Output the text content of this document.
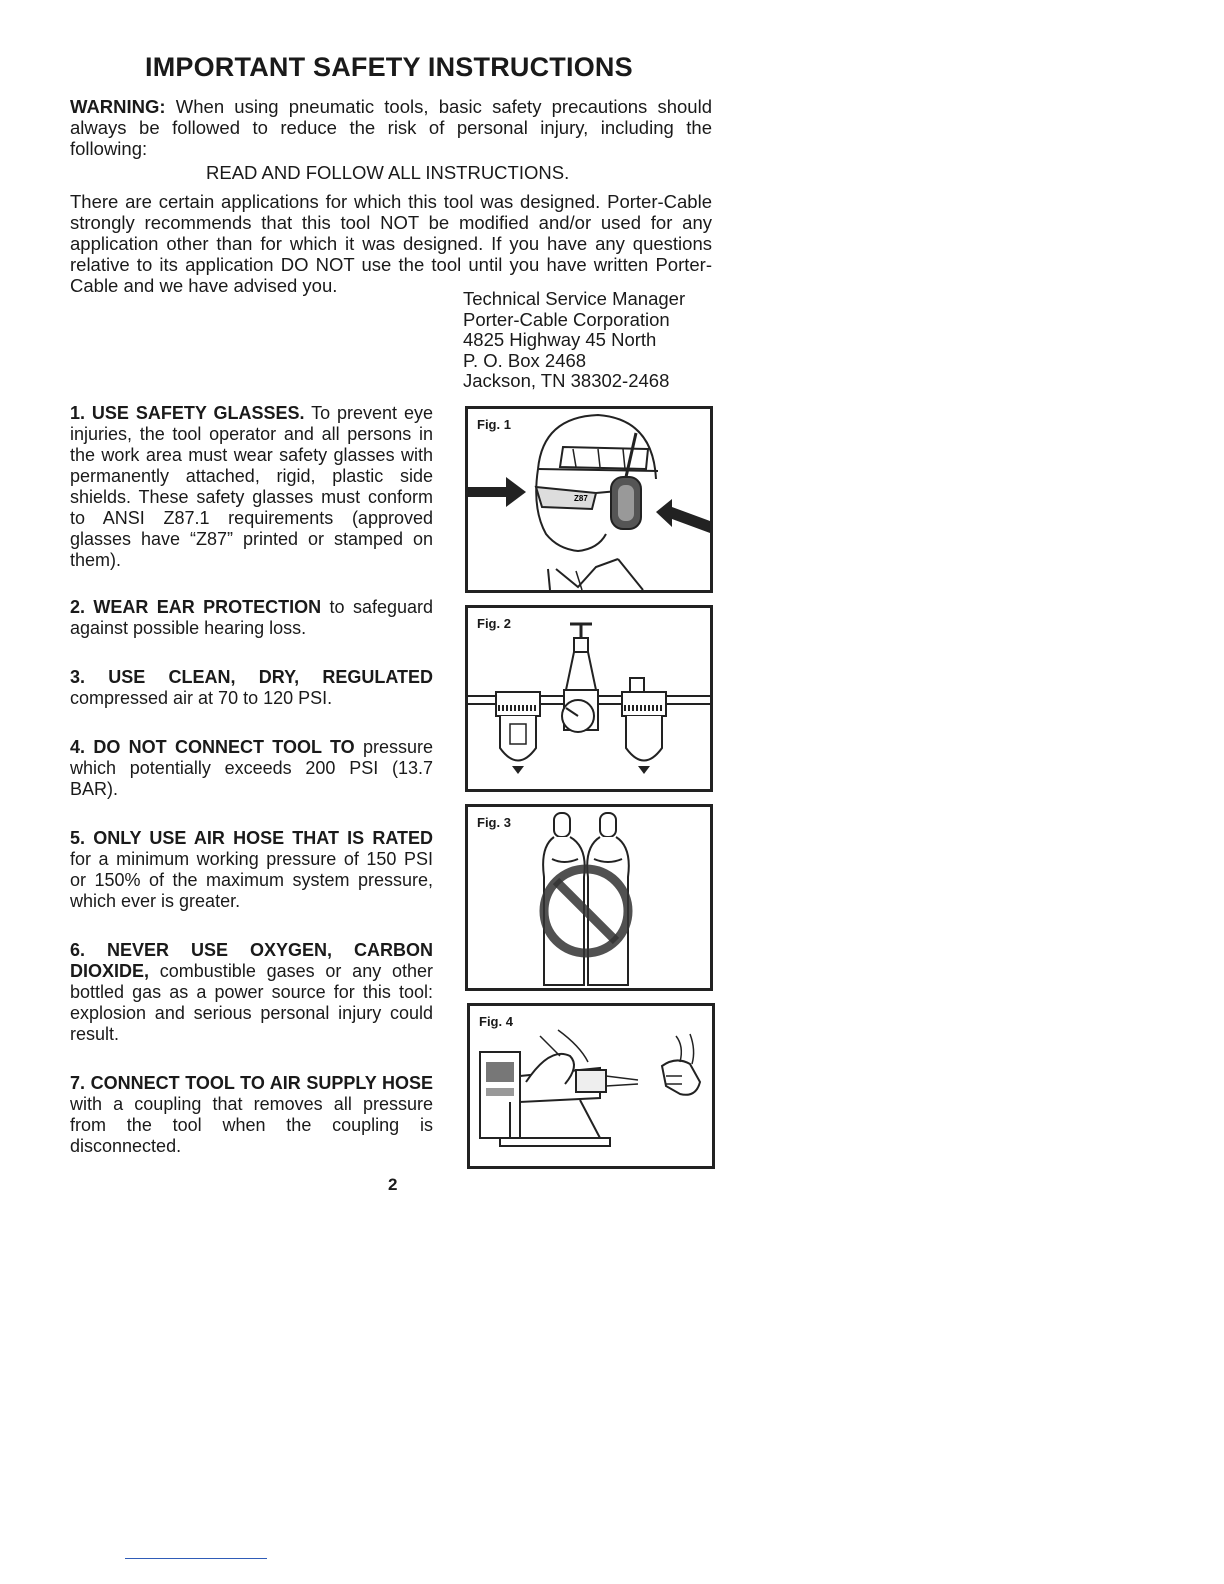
IMPORTANT SAFETY INSTRUCTIONS

WARNING: When using pneumatic tools, basic safety precautions should always be followed to reduce the risk of personal injury, including the following:

READ AND FOLLOW ALL INSTRUCTIONS.

There are certain applications for which this tool was designed. Porter-Cable strongly recommends that this tool NOT be modified and/or used for any application other than for which it was designed. If you have any questions relative to its application DO NOT use the tool until you have written Porter-Cable and we have advised you.

Technical Service Manager
Porter-Cable Corporation
4825 Highway 45 North
P. O. Box 2468
Jackson, TN 38302-2468
1. USE SAFETY GLASSES. To prevent eye injuries, the tool operator and all persons in the work area must wear safety glasses with permanently attached, rigid, plastic side shields. These safety glasses must conform to ANSI Z87.1 requirements (approved glasses have “Z87” printed or stamped on them).
2. WEAR EAR PROTECTION to safeguard against possible hearing loss.
3. USE CLEAN, DRY, REGULATED compressed air at 70 to 120 PSI.
4. DO NOT CONNECT TOOL TO pressure which potentially exceeds 200 PSI (13.7 BAR).
5. ONLY USE AIR HOSE THAT IS RATED for a minimum working pressure of 150 PSI or 150% of the maximum system pressure, which ever is greater.
6. NEVER USE OXYGEN, CARBON DIOXIDE, combustible gases or any other bottled gas as a power source for this tool: explosion and serious personal injury could result.
7. CONNECT TOOL TO AIR SUPPLY HOSE with a coupling that removes all pressure from the tool when the coupling is disconnected.
Z87
Fig. 1
Fig. 2
Fig. 3
Fig. 4
2
